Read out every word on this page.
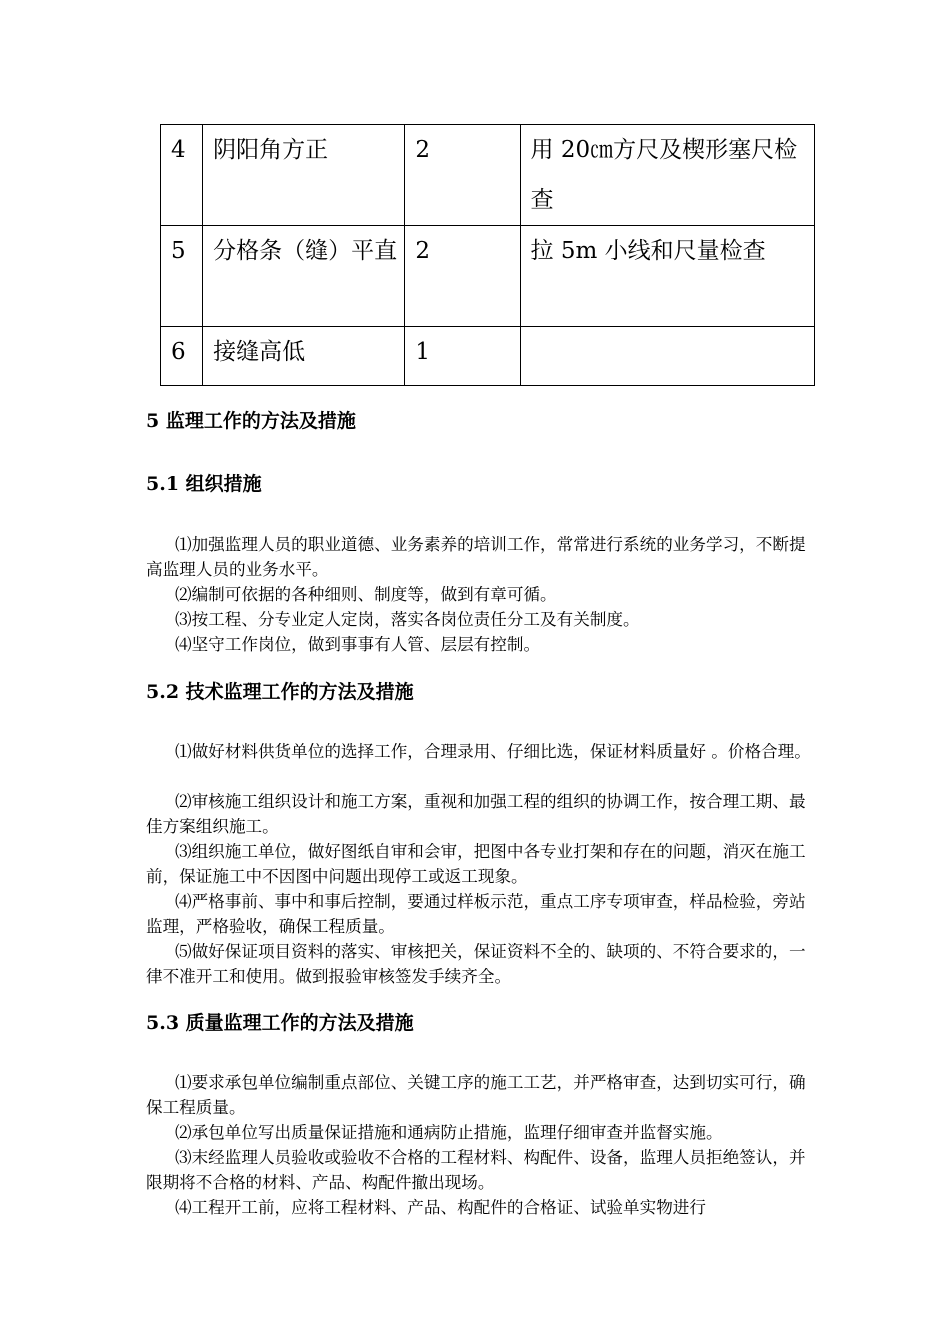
4	阴阳角方正	2	用 20㎝方尺及楔形塞尺检查
5	分格条（缝）平直	2	拉 5m 小线和尺量检查
6	接缝高低	1	
5 监理工作的方法及措施
5.1 组织措施

⑴加强监理人员的职业道德、业务素养的培训工作，常常进行系统的业务学习，不断提高监理人员的业务水平。

⑵编制可依据的各种细则、制度等，做到有章可循。

⑶按工程、分专业定人定岗，落实各岗位责任分工及有关制度。

⑷坚守工作岗位，做到事事有人管、层层有控制。

5.2 技术监理工作的方法及措施

⑴做好材料供货单位的选择工作，合理录用、仔细比选，保证材料质量好 。价格合理。

⑵审核施工组织设计和施工方案，重视和加强工程的组织的协调工作，按合理工期、最佳方案组织施工。

⑶组织施工单位，做好图纸自审和会审，把图中各专业打架和存在的问题，消灭在施工前，保证施工中不因图中问题出现停工或返工现象。

⑷严格事前、事中和事后控制，要通过样板示范，重点工序专项审查，样品检验，旁站监理，严格验收，确保工程质量。

⑸做好保证项目资料的落实、审核把关，保证资料不全的、缺项的、不符合要求的，一律不准开工和使用。做到报验审核签发手续齐全。

5.3 质量监理工作的方法及措施

⑴要求承包单位编制重点部位、关键工序的施工工艺，并严格审查，达到切实可行，确保工程质量。

⑵承包单位写出质量保证措施和通病防止措施，监理仔细审查并监督实施。

⑶末经监理人员验收或验收不合格的工程材料、构配件、设备，监理人员拒绝签认，并限期将不合格的材料、产品、构配件撤出现场。

⑷工程开工前，应将工程材料、产品、构配件的合格证、试验单实物进行
